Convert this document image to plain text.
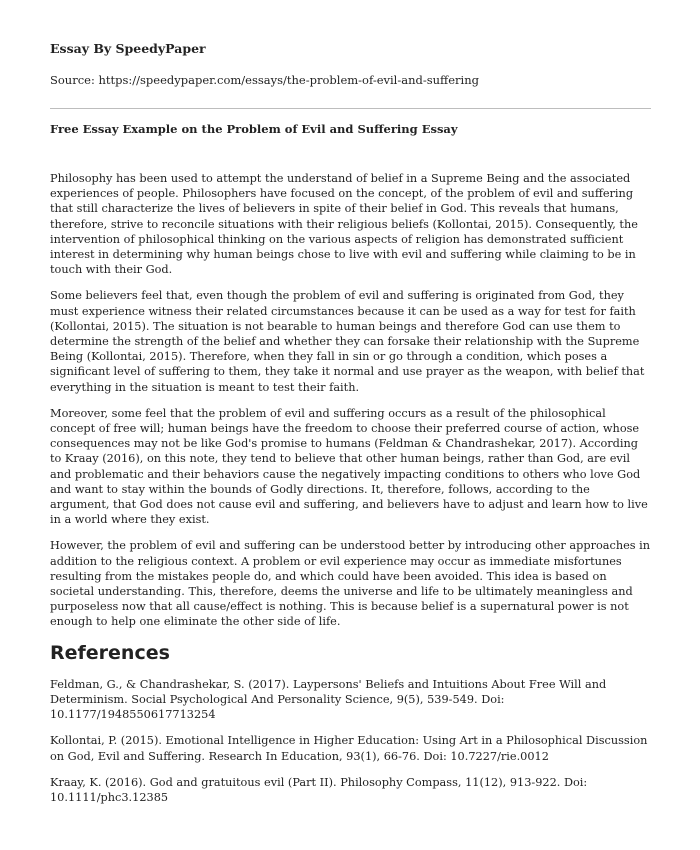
Essay By SpeedyPaper

Source: https://speedypaper.com/essays/the-problem-of-evil-and-suffering

Free Essay Example on the Problem of Evil and Suffering Essay

Philosophy has been used to attempt the understand of belief in a Supreme Being and the associated experiences of people. Philosophers have focused on the concept, of the problem of evil and suffering that still characterize the lives of believers in spite of their belief in God. This reveals that humans, therefore, strive to reconcile situations with their religious beliefs (Kollontai, 2015). Consequently, the intervention of philosophical thinking on the various aspects of religion has demonstrated sufficient interest in determining why human beings chose to live with evil and suffering while claiming to be in touch with their God.

Some believers feel that, even though the problem of evil and suffering is originated from God, they must experience witness their related circumstances because it can be used as a way for test for faith (Kollontai, 2015). The situation is not bearable to human beings and therefore God can use them to determine the strength of the belief and whether they can forsake their relationship with the Supreme Being (Kollontai, 2015). Therefore, when they fall in sin or go through a condition, which poses a significant level of suffering to them, they take it normal and use prayer as the weapon, with belief that everything in the situation is meant to test their faith.

Moreover, some feel that the problem of evil and suffering occurs as a result of the philosophical concept of free will; human beings have the freedom to choose their preferred course of action, whose consequences may not be like God's promise to humans (Feldman & Chandrashekar, 2017). According to Kraay (2016), on this note, they tend to believe that other human beings, rather than God, are evil and problematic and their behaviors cause the negatively impacting conditions to others who love God and want to stay within the bounds of Godly directions. It, therefore, follows, according to the argument, that God does not cause evil and suffering, and believers have to adjust and learn how to live in a world where they exist.

However, the problem of evil and suffering can be understood better by introducing other approaches in addition to the religious context. A problem or evil experience may occur as immediate misfortunes resulting from the mistakes people do, and which could have been avoided. This idea is based on societal understanding. This, therefore, deems the universe and life to be ultimately meaningless and purposeless now that all cause/effect is nothing. This is because belief is a supernatural power is not enough to help one eliminate the other side of life.

References

Feldman, G., & Chandrashekar, S. (2017). Laypersons' Beliefs and Intuitions About Free Will and Determinism. Social Psychological And Personality Science, 9(5), 539-549. Doi: 10.1177/1948550617713254

Kollontai, P. (2015). Emotional Intelligence in Higher Education: Using Art in a Philosophical Discussion on God, Evil and Suffering. Research In Education, 93(1), 66-76. Doi: 10.7227/rie.0012

Kraay, K. (2016). God and gratuitous evil (Part II). Philosophy Compass, 11(12), 913-922. Doi: 10.1111/phc3.12385
